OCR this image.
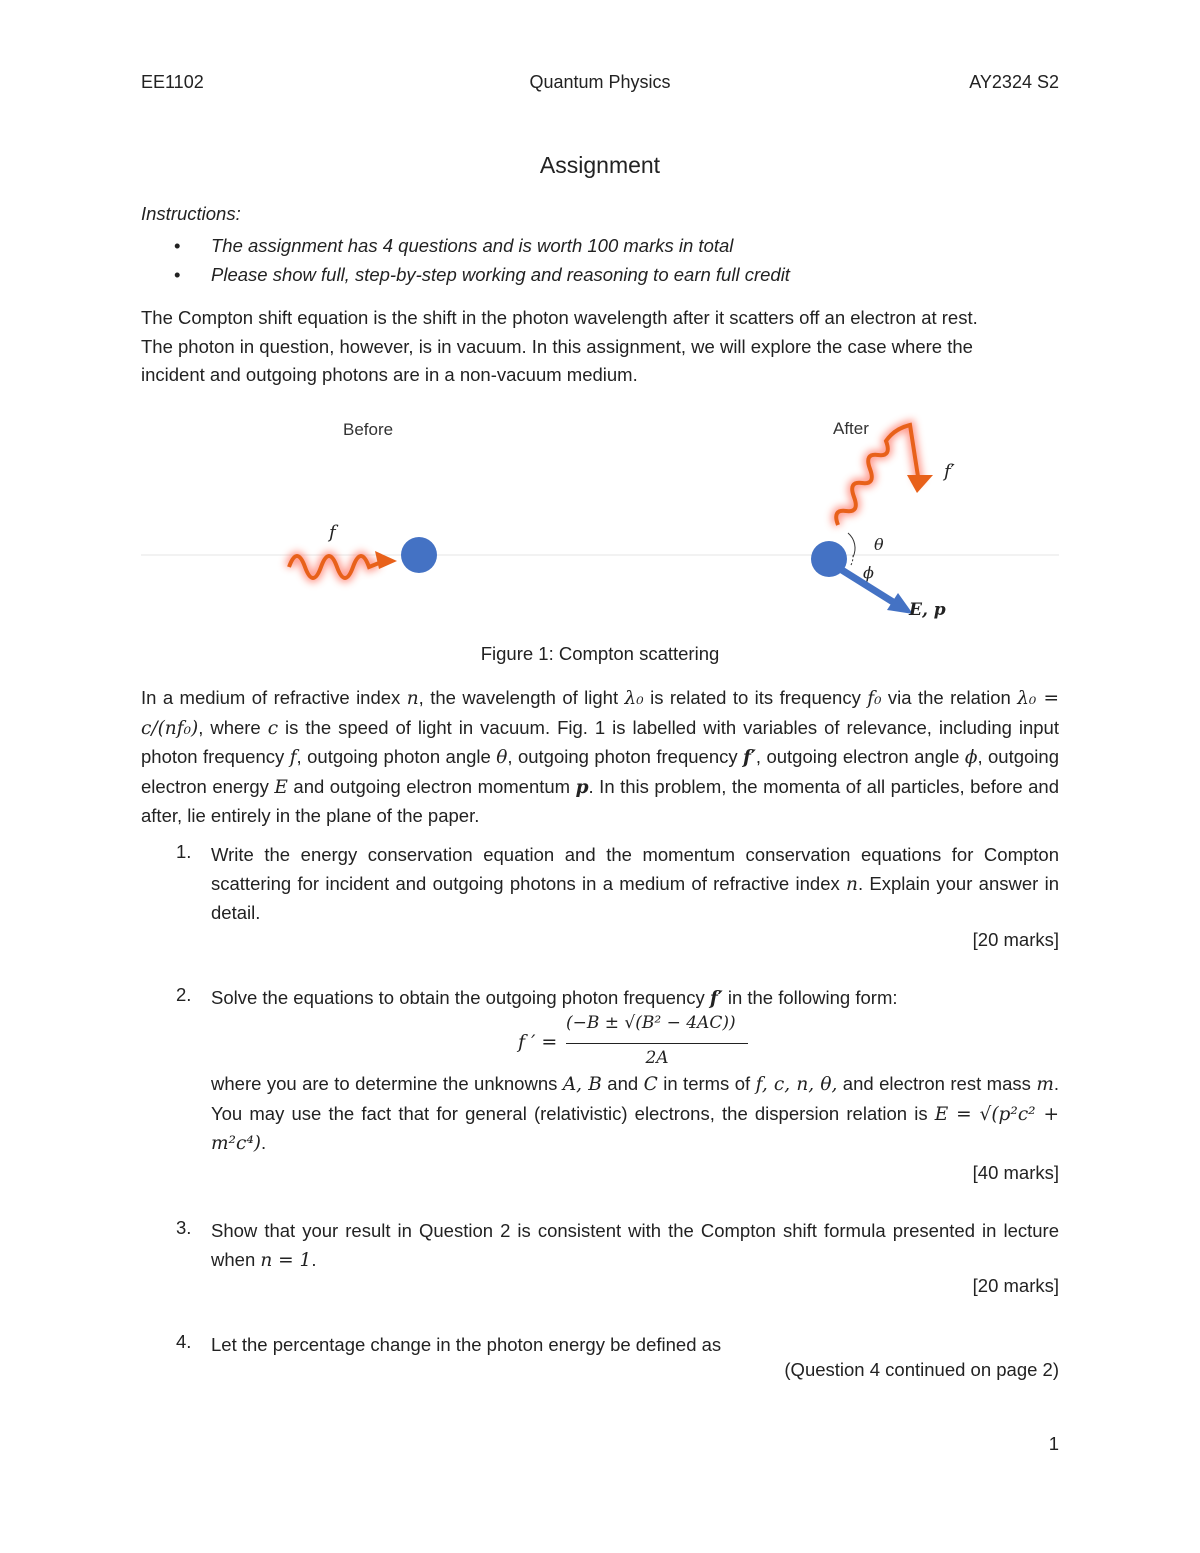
EE1102	Quantum Physics	AY2324 S2
Assignment
Instructions:
• The assignment has 4 questions and is worth 100 marks in total
• Please show full, step-by-step working and reasoning to earn full credit
The Compton shift equation is the shift in the photon wavelength after it scatters off an electron at rest.
The photon in question, however, is in vacuum. In this assignment, we will explore the case where the
incident and outgoing photons are in a non-vacuum medium.
Before	After
f
f′
θ
ϕ
E, p
Figure 1: Compton scattering
In a medium of refractive index n, the wavelength of light λ₀ is related to its frequency f₀ via the relation λ₀ = c/(nf₀), where c is the speed of light in vacuum. Fig. 1 is labelled with variables of relevance, including input photon frequency f, outgoing photon angle θ, outgoing photon frequency f′, outgoing electron angle ϕ, outgoing electron energy E and outgoing electron momentum p. In this problem, the momenta of all particles, before and after, lie entirely in the plane of the paper.
1. Write the energy conservation equation and the momentum conservation equations for Compton scattering for incident and outgoing photons in a medium of refractive index n. Explain your answer in detail.
[20 marks]
2. Solve the equations to obtain the outgoing photon frequency f′ in the following form:
f ′ =
(−B ± √(B² − 4AC))
2A
where you are to determine the unknowns A, B and C in terms of f, c, n, θ, and electron rest mass m. You may use the fact that for general (relativistic) electrons, the dispersion relation is E = √(p²c² + m²c⁴).
[40 marks]
3. Show that your result in Question 2 is consistent with the Compton shift formula presented in lecture when n = 1.
[20 marks]
4. Let the percentage change in the photon energy be defined as
(Question 4 continued on page 2)
1
